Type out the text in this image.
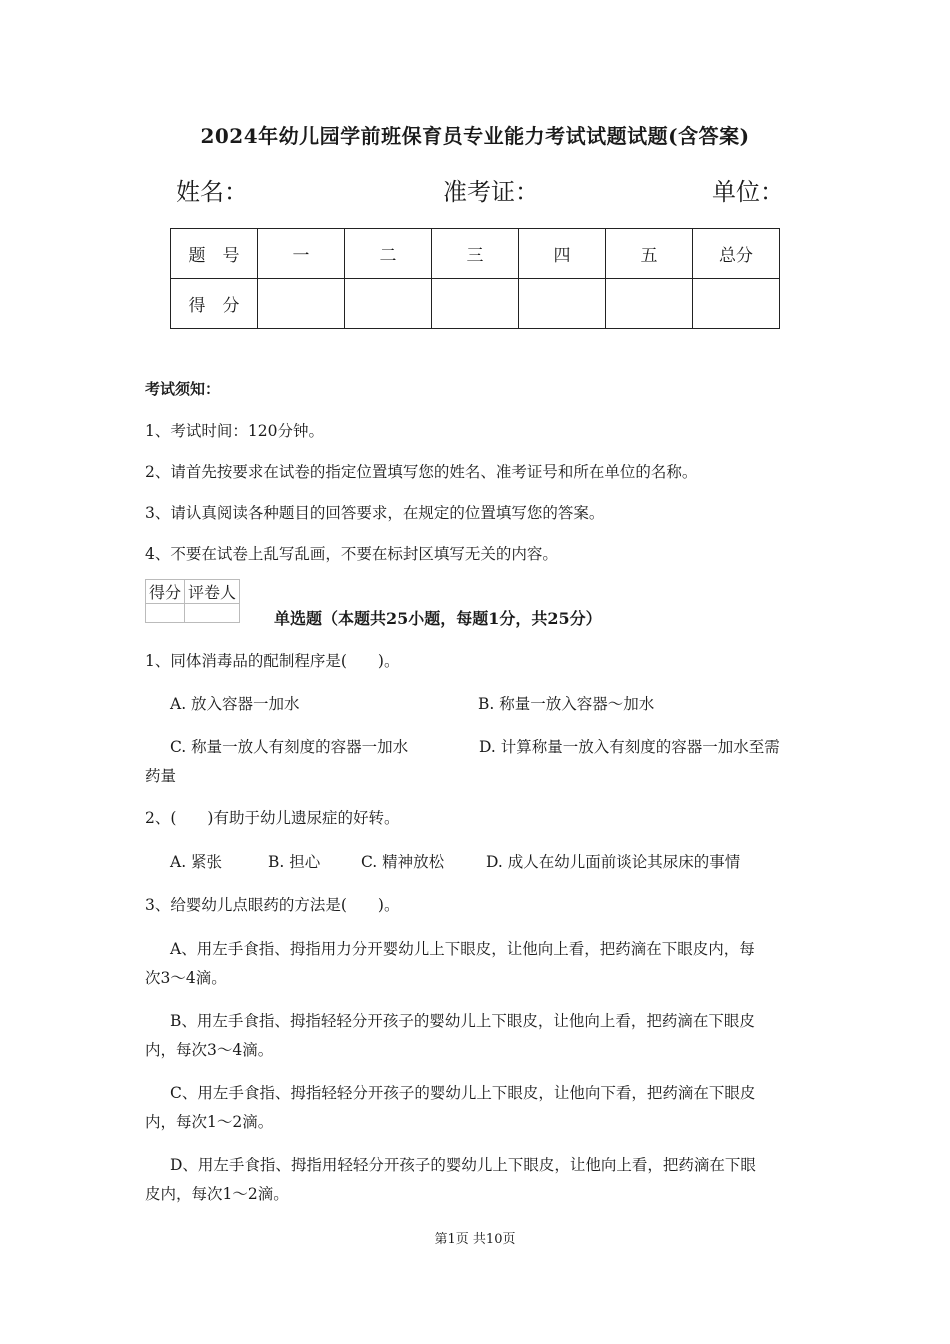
2024年幼儿园学前班保育员专业能力考试试题试题(含答案)
姓名：	准考证：	单位：
题　号	一	二	三	四	五	总分
得　分						
考试须知：
1、考试时间：120分钟。
2、请首先按要求在试卷的指定位置填写您的姓名、准考证号和所在单位的名称。
3、请认真阅读各种题目的回答要求，在规定的位置填写您的答案。
4、不要在试卷上乱写乱画，不要在标封区填写无关的内容。
得分	评卷人

单选题（本题共25小题，每题1分，共25分）
1、同体消毒品的配制程序是(　　)。
A. 放入容器一加水	B. 称量一放入容器～加水
C. 称量一放人有刻度的容器一加水	D. 计算称量一放入有刻度的容器一加水至需
药量
2、(　　)有助于幼儿遗尿症的好转。
A. 紧张	B. 担心	C. 精神放松	D. 成人在幼儿面前谈论其尿床的事情
3、给婴幼儿点眼药的方法是(　　)。
A、用左手食指、拇指用力分开婴幼儿上下眼皮，让他向上看，把药滴在下眼皮内，每
次3～4滴。
B、用左手食指、拇指轻轻分开孩子的婴幼儿上下眼皮，让他向上看，把药滴在下眼皮
内，每次3～4滴。
C、用左手食指、拇指轻轻分开孩子的婴幼儿上下眼皮，让他向下看，把药滴在下眼皮
内，每次1～2滴。
D、用左手食指、拇指用轻轻分开孩子的婴幼儿上下眼皮，让他向上看，把药滴在下眼
皮内，每次1～2滴。
第1页 共10页
